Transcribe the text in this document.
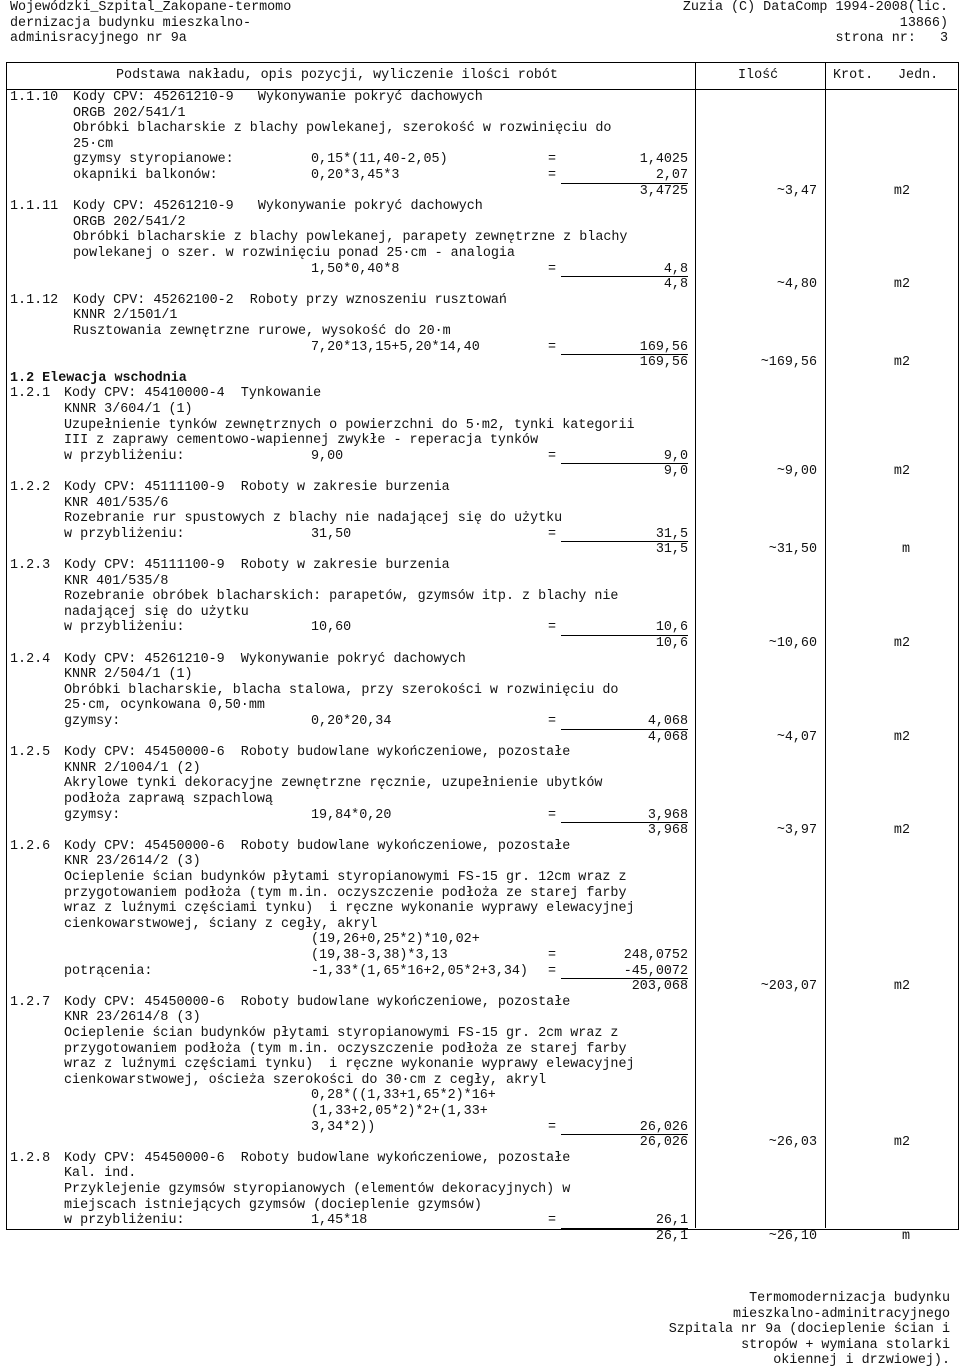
Wojewódzki_Szpital_Zakopane-termomo
dernizacja budynku mieszkalno-
adminisracyjnego nr 9a
Zuzia (C) DataComp 1994-2008(lic.
13866)
strona nr:   3
Podstawa nakładu, opis pozycji, wyliczenie ilości robót	Ilość	Krot. Jedn.
1.1.10 Kody CPV: 45261210-9   Wykonywanie pokryć dachowych
ORGB 202/541/1
Obróbki blacharskie z blachy powlekanej, szerokość w rozwinięciu do
25·cm
gzymsy styropianowe:	0,15*(11,40-2,05)	=	1,4025
okapniki balkonów:	0,20*3,45*3	=	2,07
3,4725	~3,47	m2
1.1.11 Kody CPV: 45261210-9   Wykonywanie pokryć dachowych
ORGB 202/541/2
Obróbki blacharskie z blachy powlekanej, parapety zewnętrzne z blachy
powlekanej o szer. w rozwinięciu ponad 25·cm - analogia
1,50*0,40*8	=	4,8
4,8	~4,80	m2
1.1.12 Kody CPV: 45262100-2  Roboty przy wznoszeniu rusztowań
KNNR 2/1501/1
Rusztowania zewnętrzne rurowe, wysokość do 20·m
7,20*13,15+5,20*14,40	=	169,56
169,56	~169,56	m2
1.2 Elewacja wschodnia
1.2.1 Kody CPV: 45410000-4  Tynkowanie
KNNR 3/604/1 (1)
Uzupełnienie tynków zewnętrznych o powierzchni do 5·m2, tynki kategorii
III z zaprawy cementowo-wapiennej zwykłe - reperacja tynków
w przybliżeniu:	9,00	=	9,0
9,0	~9,00	m2
1.2.2 Kody CPV: 45111100-9  Roboty w zakresie burzenia
KNR 401/535/6
Rozebranie rur spustowych z blachy nie nadającej się do użytku
w przybliżeniu:	31,50	=	31,5
31,5	~31,50	m
1.2.3 Kody CPV: 45111100-9  Roboty w zakresie burzenia
KNR 401/535/8
Rozebranie obróbek blacharskich: parapetów, gzymsów itp. z blachy nie
nadającej się do użytku
w przybliżeniu:	10,60	=	10,6
10,6	~10,60	m2
1.2.4 Kody CPV: 45261210-9  Wykonywanie pokryć dachowych
KNNR 2/504/1 (1)
Obróbki blacharskie, blacha stalowa, przy szerokości w rozwinięciu do
25·cm, ocynkowana 0,50·mm
gzymsy:	0,20*20,34	=	4,068
4,068	~4,07	m2
1.2.5 Kody CPV: 45450000-6  Roboty budowlane wykończeniowe, pozostałe
KNNR 2/1004/1 (2)
Akrylowe tynki dekoracyjne zewnętrzne ręcznie, uzupełnienie ubytków
podłoża zaprawą szpachlową
gzymsy:	19,84*0,20	=	3,968
3,968	~3,97	m2
1.2.6 Kody CPV: 45450000-6  Roboty budowlane wykończeniowe, pozostałe
KNR 23/2614/2 (3)
Ocieplenie ścian budynków płytami styropianowymi FS-15 gr. 12cm wraz z
przygotowaniem podłoża (tym m.in. oczyszczenie podłoża ze starej farby
wraz z luźnymi częściami tynku)  i ręczne wykonanie wyprawy elewacyjnej
cienkowarstwowej, ściany z cegły, akryl
(19,26+0,25*2)*10,02+
(19,38-3,38)*3,13	=	248,0752
potrącenia:	-1,33*(1,65*16+2,05*2+3,34) =	-45,0072
203,068	~203,07	m2
1.2.7 Kody CPV: 45450000-6  Roboty budowlane wykończeniowe, pozostałe
KNR 23/2614/8 (3)
Ocieplenie ścian budynków płytami styropianowymi FS-15 gr. 2cm wraz z
przygotowaniem podłoża (tym m.in. oczyszczenie podłoża ze starej farby
wraz z luźnymi częściami tynku)  i ręczne wykonanie wyprawy elewacyjnej
cienkowarstwowej, ościeża szerokości do 30·cm z cegły, akryl
0,28*((1,33+1,65*2)*16+
(1,33+2,05*2)*2+(1,33+
3,34*2))	=	26,026
26,026	~26,03	m2
1.2.8 Kody CPV: 45450000-6  Roboty budowlane wykończeniowe, pozostałe
Kal. ind.
Przyklejenie gzymsów styropianowych (elementów dekoracyjnych) w
miejscach istniejących gzymsów (docieplenie gzymsów)
w przybliżeniu:	1,45*18	=	26,1
26,1	~26,10	m
Termomodernizacja budynku
mieszkalno-adminitracyjnego
Szpitala nr 9a (docieplenie ścian i
stropów + wymiana stolarki
okiennej i drzwiowej).
